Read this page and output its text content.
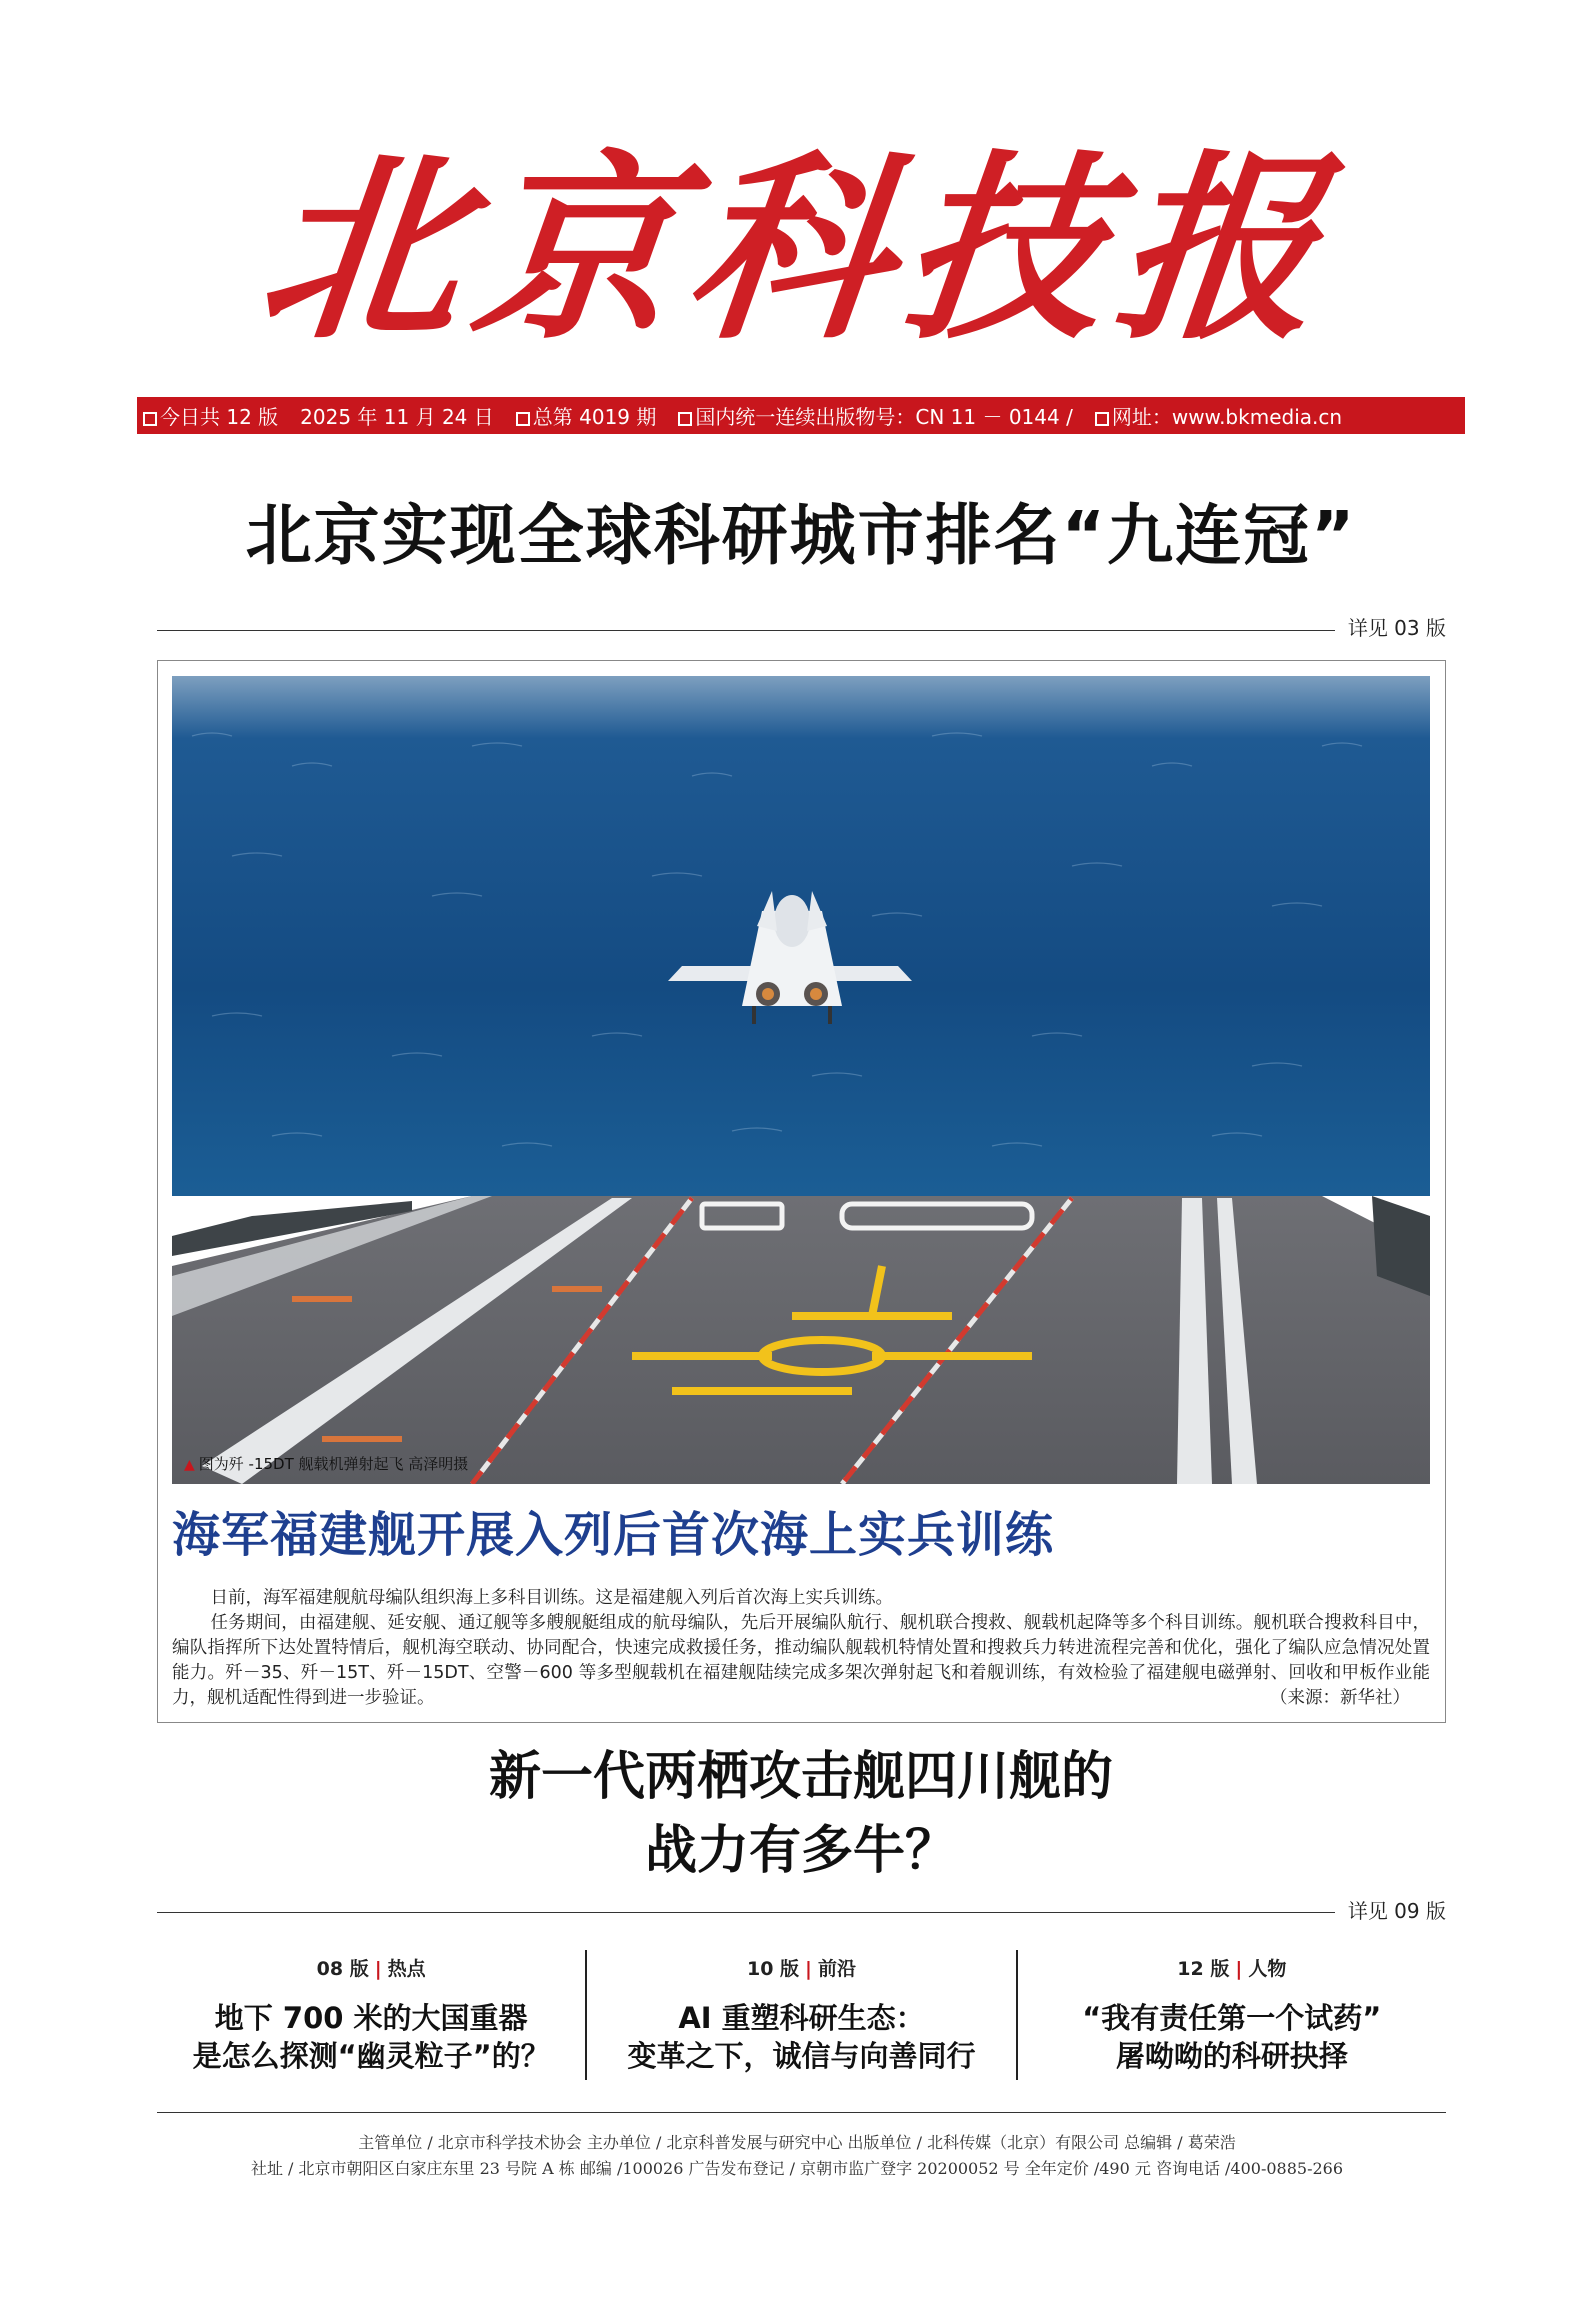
北京科技报
今日共 12 版 2025 年 11 月 24 日	总第 4019 期	国内统一连续出版物号：CN 11 － 0144 /	网址：www.bkmedia.cn
北京实现全球科研城市排名“九连冠”
详见 03 版
▲ 图为歼 -15DT 舰载机弹射起飞 高泽明摄
海军福建舰开展入列后首次海上实兵训练

日前，海军福建舰航母编队组织海上多科目训练。这是福建舰入列后首次海上实兵训练。

任务期间，由福建舰、延安舰、通辽舰等多艘舰艇组成的航母编队，先后开展编队航行、舰机联合搜救、舰载机起降等多个科目训练。舰机联合搜救科目中，编队指挥所下达处置特情后，舰机海空联动、协同配合，快速完成救援任务，推动编队舰载机特情处置和搜救兵力转进流程完善和优化，强化了编队应急情况处置能力。歼－35、歼－15T、歼－15DT、空警－600 等多型舰载机在福建舰陆续完成多架次弹射起飞和着舰训练，有效检验了福建舰电磁弹射、回收和甲板作业能力，舰机适配性得到进一步验证。	（来源：新华社）

新一代两栖攻击舰四川舰的
战力有多牛？
详见 09 版
08 版 | 热点
地下 700 米的大国重器
是怎么探测“幽灵粒子”的？
10 版 | 前沿
AI 重塑科研生态：
变革之下，诚信与向善同行
12 版 | 人物
“我有责任第一个试药”
屠呦呦的科研抉择
主管单位 / 北京市科学技术协会 主办单位 / 北京科普发展与研究中心 出版单位 / 北科传媒（北京）有限公司 总编辑 / 葛荣浩
社址 / 北京市朝阳区白家庄东里 23 号院 A 栋 邮编 /100026 广告发布登记 / 京朝市监广登字 20200052 号 全年定价 /490 元 咨询电话 /400-0885-266
